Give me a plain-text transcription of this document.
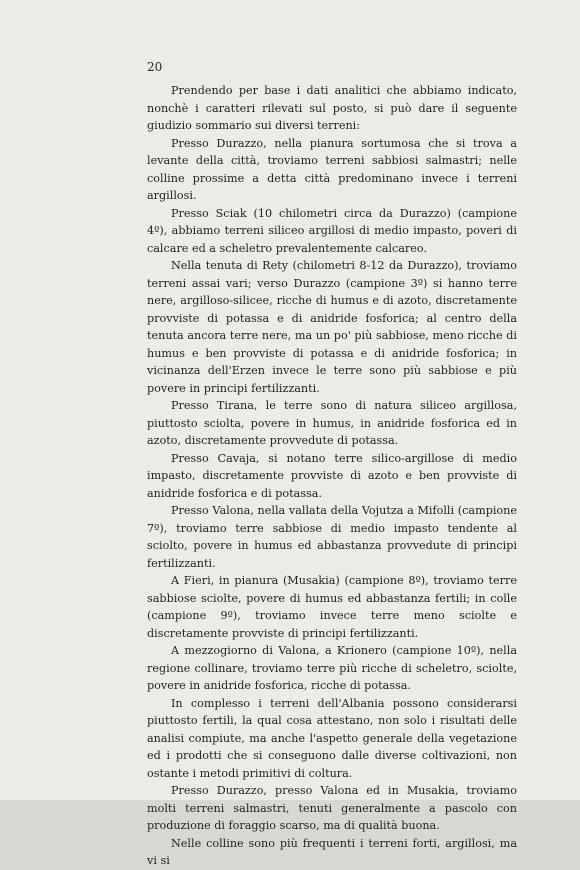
20

Prendendo per base i dati analitici che abbiamo indicato, nonchè i caratteri rilevati sul posto, si può dare il seguente giudizio sommario sui diversi terreni:

Presso Durazzo, nella pianura sortumosa che si trova a levante della città, troviamo terreni sabbiosi salmastri; nelle colline prossime a detta città predominano invece i terreni argillosi.

Presso Sciak (10 chilometri circa da Durazzo) (campione 4º), abbiamo terreni siliceo argillosi di medio impasto, poveri di calcare ed a scheletro prevalentemente calcareo.

Nella tenuta di Rety (chilometri 8-12 da Durazzo), troviamo terreni assai vari; verso Durazzo (campione 3º) si hanno terre nere, argilloso-silicee, ricche di humus e di azoto, discretamente provviste di potassa e di anidride fosforica; al centro della tenuta ancora terre nere, ma un po' più sabbiose, meno ricche di humus e ben provviste di potassa e di anidride fosforica; in vicinanza dell'Erzen invece le terre sono più sabbiose e più povere in principi fertilizzanti.

Presso Tirana, le terre sono di natura siliceo argillosa, piuttosto sciolta, povere in humus, in anidride fosforica ed in azoto, discretamente provvedute di potassa.

Presso Cavaja, si notano terre silico-argillose di medio impasto, discretamente provviste di azoto e ben provviste di anidride fosforica e di potassa.

Presso Valona, nella vallata della Vojutza a Mifolli (campione 7º), troviamo terre sabbiose di medio impasto tendente al sciolto, povere in humus ed abbastanza provvedute di principi fertilizzanti.

A Fieri, in pianura (Musakia) (campione 8º), troviamo terre sabbiose sciolte, povere di humus ed abbastanza fertili; in colle (campione 9º), troviamo invece terre meno sciolte e discretamente provviste di principi fertilizzanti.

A mezzogiorno di Valona, a Krionero (campione 10º), nella regione collinare, troviamo terre più ricche di scheletro, sciolte, povere in anidride fosforica, ricche di potassa.

In complesso i terreni dell'Albania possono considerarsi piuttosto fertili, la qual cosa attestano, non solo i risultati delle analisi compiute, ma anche l'aspetto generale della vegetazione ed i prodotti che si conseguono dalle diverse coltivazioni, non ostante i metodi primitivi di coltura.

Presso Durazzo, presso Valona ed in Musakia, troviamo molti terreni salmastri, tenuti generalmente a pascolo con produzione di foraggio scarso, ma di qualità buona.

Nelle colline sono più frequenti i terreni forti, argillosi, ma vi si
